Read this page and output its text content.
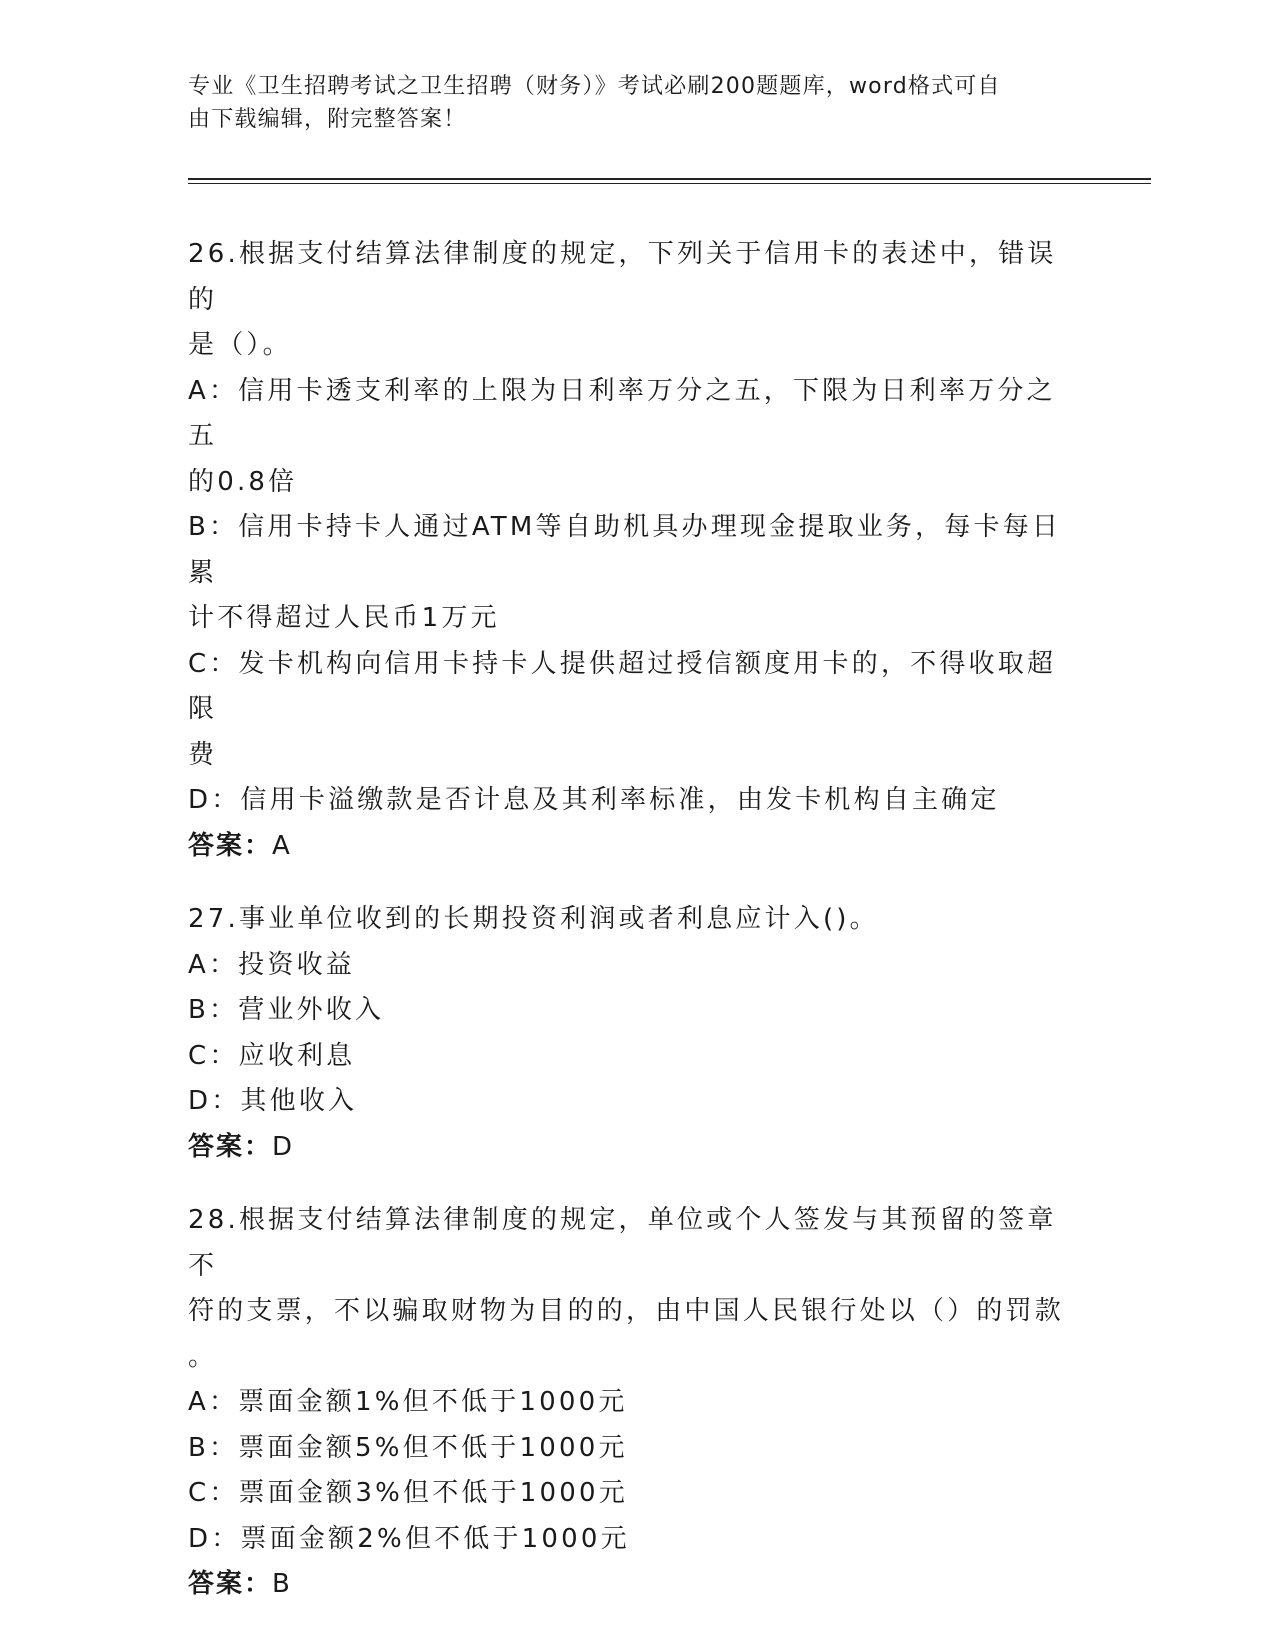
专业《卫生招聘考试之卫生招聘（财务）》考试必刷200题题库，word格式可自
由下载编辑，附完整答案！
26.根据支付结算法律制度的规定，下列关于信用卡的表述中，错误的
是（）。
A：信用卡透支利率的上限为日利率万分之五，下限为日利率万分之五
的0.8倍
B：信用卡持卡人通过ATM等自助机具办理现金提取业务，每卡每日累
计不得超过人民币1万元
C：发卡机构向信用卡持卡人提供超过授信额度用卡的，不得收取超限
费
D：信用卡溢缴款是否计息及其利率标准，由发卡机构自主确定
答案：A
27.事业单位收到的长期投资利润或者利息应计入()。
A：投资收益
B：营业外收入
C：应收利息
D：其他收入
答案：D
28.根据支付结算法律制度的规定，单位或个人签发与其预留的签章不
符的支票，不以骗取财物为目的的，由中国人民银行处以（）的罚款
。
A：票面金额1%但不低于1000元
B：票面金额5%但不低于1000元
C：票面金额3%但不低于1000元
D：票面金额2%但不低于1000元
答案：B
